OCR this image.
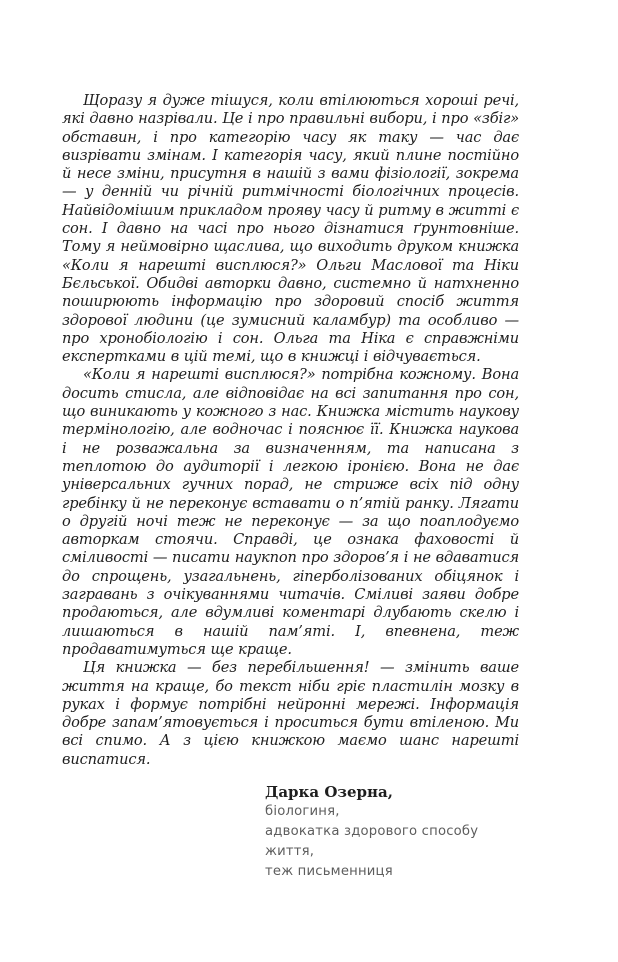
Щоразу я дуже тішуся, коли втілюються хороші речі, які давно назрівали. Це і про правильні вибори, і про «збіг» обставин, і про категорію часу як таку — час дає визрівати змінам. І категорія часу, який плине постійно й несе зміни, присутня в нашій з вами фізіології, зокрема — у денній чи річній ритмічності біологічних процесів. Найвідомішим прикладом прояву часу й ритму в житті є сон. І давно на часі про нього дізнатися ґрунтовніше. Тому я неймовірно щаслива, що виходить друком книжка «Коли я нарешті висплюся?» Ольги Маслової та Ніки Бєльської. Обидві авторки давно, системно й натхненно поширюють інформацію про здоровий спосіб життя здорової людини (це зумисний каламбур) та особливо — про хронобіологію і сон. Ольга та Ніка є справжніми експертками в цій темі, що в книжці і відчувається.

«Коли я нарешті висплюся?» потрібна кожному. Вона досить стисла, але відповідає на всі запитання про сон, що виникають у кожного з нас. Книжка містить наукову термінологію, але водночас і пояснює її. Книжка наукова і не розважальна за визначенням, та написана з теплотою до аудиторії і легкою іронією. Вона не дає універсальних гучних порад, не стриже всіх під одну гребінку й не переконує вставати о п’ятій ранку. Лягати о другій ночі теж не переконує — за що поаплодуємо авторкам стоячи. Справді, це ознака фаховості й сміливості — писати наукпоп про здоров’я і не вдаватися до спрощень, узагальнень, гіперболізованих обіцянок і загравань з очікуваннями читачів. Сміливі заяви добре продаються, але вдумливі коментарі длубають скелю і лишаються в нашій пам’яті. І, впевнена, теж продаватимуться ще краще.

Ця книжка — без перебільшення! — змінить ваше життя на краще, бо текст ніби гріє пластилін мозку в руках і формує потрібні нейронні мережі. Інформація добре запам’ятовується і проситься бути втіленою. Ми всі спимо. А з цією книжкою маємо шанс нарешті виспатися.

Дарка Озерна,
біологиня,
адвокатка здорового способу життя,
теж письменниця
